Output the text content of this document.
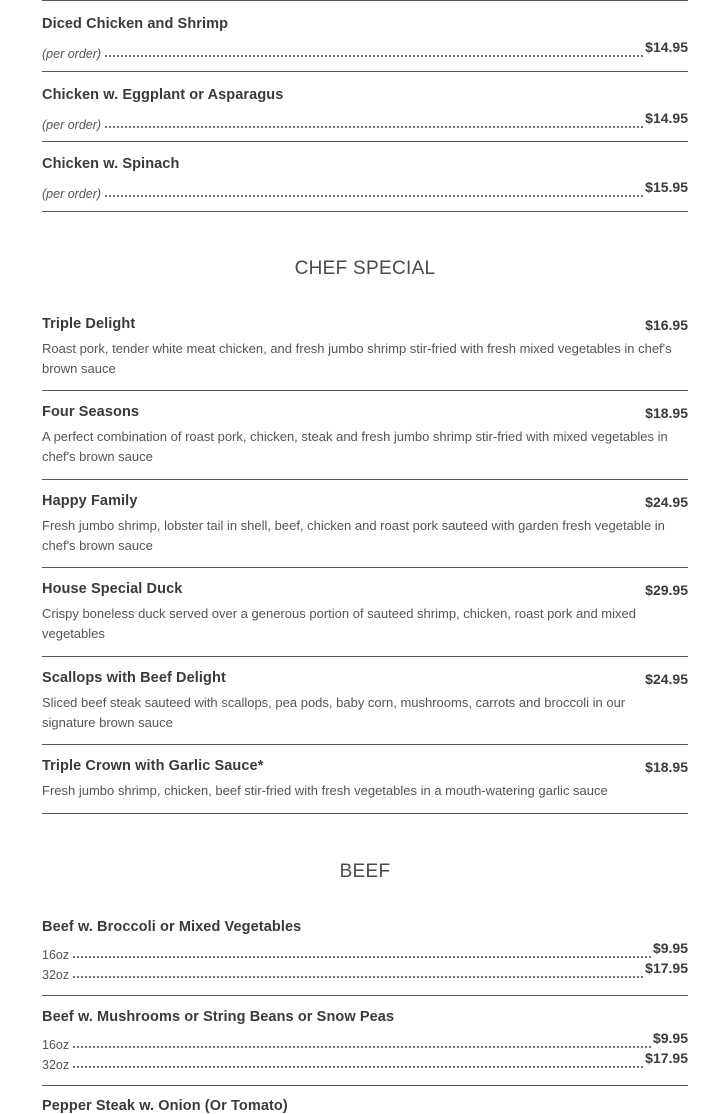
Diced Chicken and Shrimp
(per order)	$14.95
Chicken w. Eggplant or Asparagus
(per order)	$14.95
Chicken w. Spinach
(per order)	$15.95
CHEF SPECIAL
Triple Delight	$16.95
Roast pork, tender white meat chicken, and fresh jumbo shrimp stir-fried with fresh mixed vegetables in chef's brown sauce
Four Seasons	$18.95
A perfect combination of roast pork, chicken, steak and fresh jumbo shrimp stir-fried with mixed vegetables in chef's brown sauce
Happy Family	$24.95
Fresh jumbo shrimp, lobster tail in shell, beef, chicken and roast pork sauteed with garden fresh vegetable in chef's brown sauce
House Special Duck	$29.95
Crispy boneless duck served over a generous portion of sauteed shrimp, chicken, roast pork and mixed vegetables
Scallops with Beef Delight	$24.95
Sliced beef steak sauteed with scallops, pea pods, baby corn, mushrooms, carrots and broccoli in our signature brown sauce
Triple Crown with Garlic Sauce*	$18.95
Fresh jumbo shrimp, chicken, beef stir-fried with fresh vegetables in a mouth-watering garlic sauce
BEEF
Beef w. Broccoli or Mixed Vegetables
16oz	$9.95
32oz	$17.95
Beef w. Mushrooms or String Beans or Snow Peas
16oz	$9.95
32oz	$17.95
Pepper Steak w. Onion (Or Tomato)
